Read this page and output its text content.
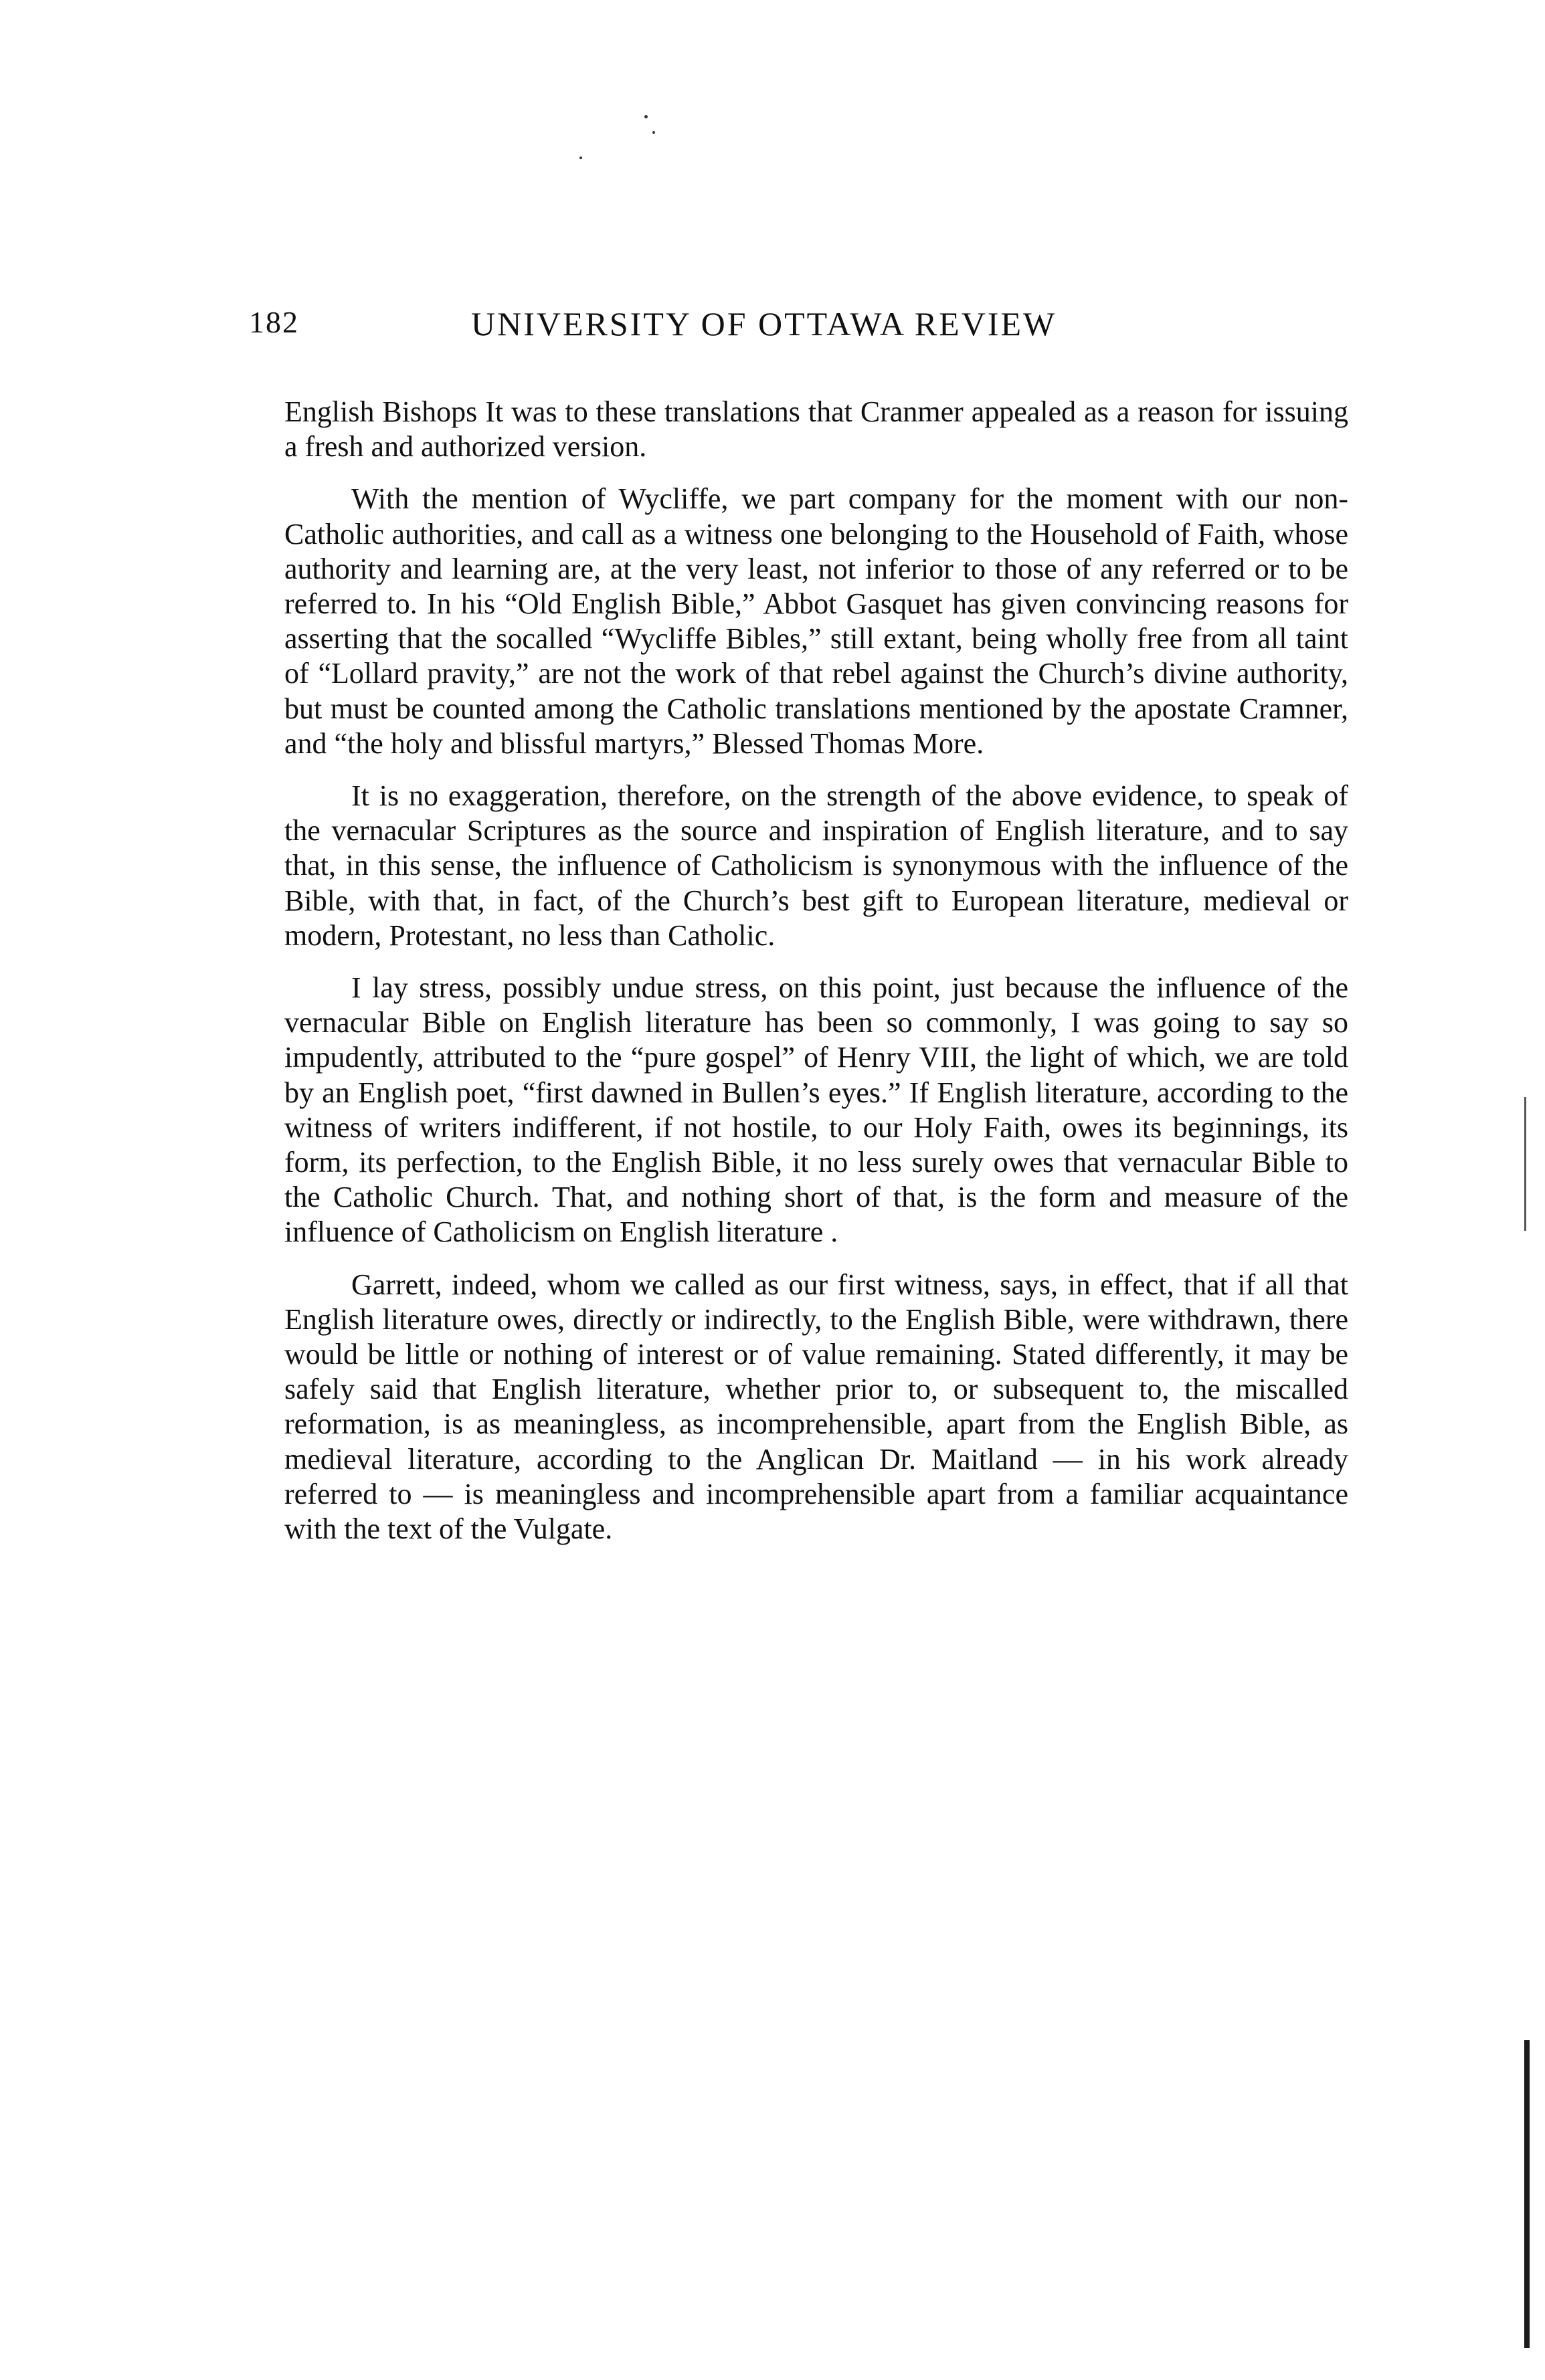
182	UNIVERSITY OF OTTAWA REVIEW

English Bishops It was to these translations that Cranmer appealed as a reason for issuing a fresh and authorized version.

With the mention of Wycliffe, we part company for the moment with our non-Catholic authorities, and call as a witness one belonging to the Household of Faith, whose authority and learning are, at the very least, not inferior to those of any referred or to be referred to. In his “Old English Bible,” Abbot Gasquet has given convincing reasons for asserting that the socalled “Wycliffe Bibles,” still extant, being wholly free from all taint of “Lollard pravity,” are not the work of that rebel against the Church’s divine authority, but must be counted among the Catholic translations mentioned by the apostate Cramner, and “the holy and blissful martyrs,” Blessed Thomas More.

It is no exaggeration, therefore, on the strength of the above evidence, to speak of the vernacular Scriptures as the source and inspiration of English literature, and to say that, in this sense, the influence of Catholicism is synonymous with the influence of the Bible, with that, in fact, of the Church’s best gift to European literature, medieval or modern, Protestant, no less than Catholic.

I lay stress, possibly undue stress, on this point, just because the influence of the vernacular Bible on English literature has been so commonly, I was going to say so impudently, attributed to the “pure gospel” of Henry VIII, the light of which, we are told by an English poet, “first dawned in Bullen’s eyes.” If English literature, according to the witness of writers indifferent, if not hostile, to our Holy Faith, owes its beginnings, its form, its perfection, to the English Bible, it no less surely owes that vernacular Bible to the Catholic Church. That, and nothing short of that, is the form and measure of the influence of Catholicism on English literature .

Garrett, indeed, whom we called as our first witness, says, in effect, that if all that English literature owes, directly or indirectly, to the English Bible, were withdrawn, there would be little or nothing of interest or of value remaining. Stated differently, it may be safely said that English literature, whether prior to, or subsequent to, the miscalled reformation, is as meaningless, as incomprehensible, apart from the English Bible, as medieval literature, according to the Anglican Dr. Maitland — in his work already referred to — is meaningless and incomprehensible apart from a familiar acquaintance with the text of the Vulgate.
